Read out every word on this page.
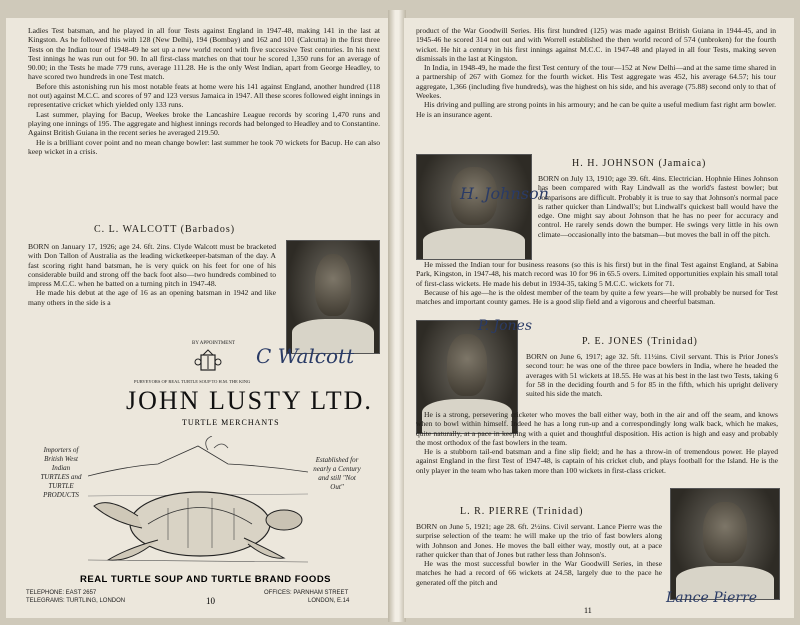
Ladies Test batsman, and he played in all four Tests against England in 1947-48, making 141 in the last at Kingston. As he followed this with 128 (New Delhi), 194 (Bombay) and 162 and 101 (Calcutta) in the first three Tests on the Indian tour of 1948-49 he set up a new world record with five successive Test centuries. In his next Test innings he was run out for 90. In all first-class matches on that tour he scored 1,350 runs for an average of 90.00; in the Tests he made 779 runs, average 111.28. He is the only West Indian, apart from George Headley, to have scored two hundreds in one Test match.

Before this astonishing run his most notable feats at home were his 141 against England, another hundred (118 not out) against M.C.C. and scores of 97 and 123 versus Jamaica in 1947. All these scores followed eight innings in representative cricket which yielded only 133 runs.

Last summer, playing for Bacup, Weekes broke the Lancashire League records by scoring 1,470 runs and playing one innings of 195. The aggregate and highest innings records had belonged to Headley and to Constantine. Against British Guiana in the recent series he averaged 219.50.

He is a brilliant cover point and no mean change bowler: last summer he took 70 wickets for Bacup. He can also keep wicket in a crisis.

C. L. WALCOTT (Barbados)

BORN on January 17, 1926; age 24. 6ft. 2ins. Clyde Walcott must be bracketed with Don Tallon of Australia as the leading wicketkeeper-batsman of the day. A fast scoring right hand batsman, he is very quick on his feet for one of his considerable build and strong off the back foot also—two hundreds combined to impress M.C.C. when he batted on a turning pitch in 1947-48.

He made his debut at the age of 16 as an opening batsman in 1942 and like many others in the side is a

C Walcott
BY APPOINTMENT
PURVEYORS OF REAL TURTLE SOUP TO H.M. THE KING
JOHN LUSTY LTD.
TURTLE MERCHANTS
Importers of British West Indian TURTLES and TURTLE PRODUCTS
Established for nearly a Century and still "Not Out"
REAL TURTLE SOUP AND TURTLE BRAND FOODS
TELEPHONE: EAST 2657
TELEGRAMS: TURTLING, LONDON
OFFICES: PARNHAM STREET
LONDON, E.14
10

product of the War Goodwill Series. His first hundred (125) was made against British Guiana in 1944-45, and in 1945-46 he scored 314 not out and with Worrell established the then world record of 574 (unbroken) for the fourth wicket. He hit a century in his first innings against M.C.C. in 1947-48 and played in all four Tests, making seven dismissals in the last at Kingston.

In India, in 1948-49, he made the first Test century of the tour—152 at New Delhi—and at the same time shared in a partnership of 267 with Gomez for the fourth wicket. His Test aggregate was 452, his average 64.57; his tour aggregate, 1,366 (including five hundreds), was the highest on his side, and his average (75.88) second only to that of Weekes.

His driving and pulling are strong points in his armoury; and he can be quite a useful medium fast right arm bowler. He is an insurance agent.

H. H. JOHNSON (Jamaica)
H. Johnson

BORN on July 13, 1910; age 39. 6ft. 4ins. Electrician. Hophnie Hines Johnson has been compared with Ray Lindwall as the world's fastest bowler; but comparisons are difficult. Probably it is true to say that Johnson's normal pace is rather quicker than Lindwall's; but Lindwall's quickest ball would have the edge. One might say about Johnson that he has no peer for accuracy and control. He rarely sends down the bumper. He swings very little in his own climate—occasionally into the batsman—but moves the ball in off the pitch.

He missed the Indian tour for business reasons (so this is his first) but in the final Test against England, at Sabina Park, Kingston, in 1947-48, his match record was 10 for 96 in 65.5 overs. Limited opportunities explain his small total of first-class wickets. He made his debut in 1934-35, taking 5 M.C.C. wickets for 71.

Because of his age—he is the oldest member of the team by quite a few years—he will probably be nursed for Test matches and important county games. He is a good slip field and a vigorous and cheerful batsman.

P. Jones
P. E. JONES (Trinidad)

BORN on June 6, 1917; age 32. 5ft. 11½ins. Civil servant. This is Prior Jones's second tour: he was one of the three pace bowlers in India, where he headed the averages with 51 wickets at 18.55. He was at his best in the last two Tests, taking 6 for 58 in the deciding fourth and 5 for 85 in the fifth, which his upright delivery suited his side the match.

He is a strong, persevering cricketer who moves the ball either way, both in the air and off the seam, and knows when to bowl within himself. Indeed he has a long run-up and a correspondingly long walk back, which he makes, quite naturally, at a pace in keeping with a quiet and thoughtful disposition. His action is high and easy and probably the most orthodox of the fast bowlers in the team.

He is a stubborn tail-end batsman and a fine slip field; and he has a throw-in of tremendous power. He played against England in the first Test of 1947-48, is captain of his cricket club, and plays football for the Island. He is the only player in the team who has taken more than 100 wickets in first-class cricket.

L. R. PIERRE (Trinidad)

BORN on June 5, 1921; age 28. 6ft. 2½ins. Civil servant. Lance Pierre was the surprise selection of the team: he will make up the trio of fast bowlers along with Johnson and Jones. He moves the ball either way, mostly out, at a pace rather quicker than that of Jones but rather less than Johnson's.

He was the most successful bowler in the War Goodwill Series, in these matches he had a record of 66 wickets at 24.58, largely due to the pace he generated off the pitch and

Lance Pierre
11
